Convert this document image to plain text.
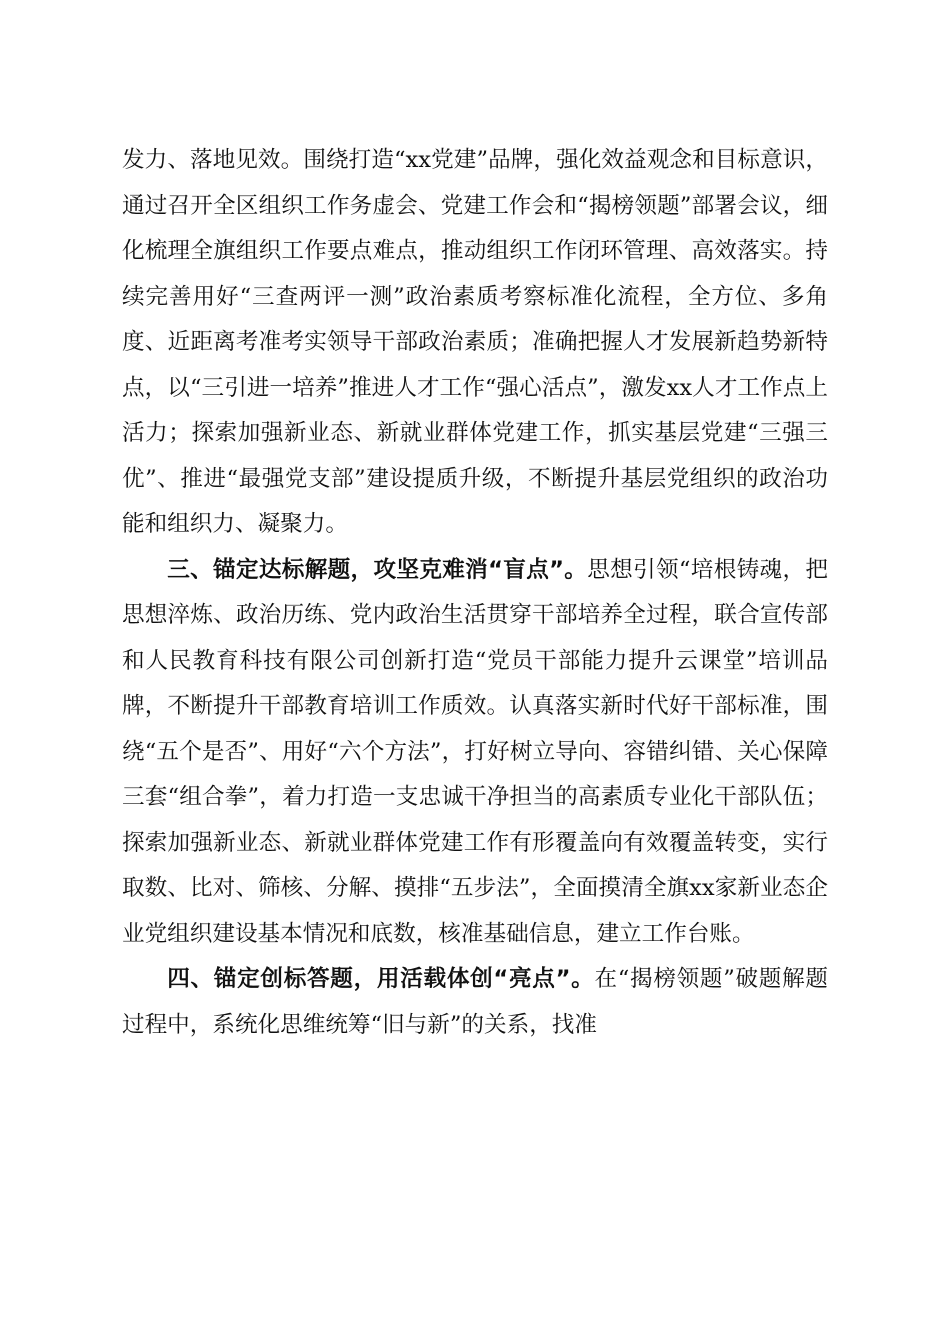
发力、落地见效。围绕打造“xx党建”品牌，强化效益观念和目标意识，通过召开全区组织工作务虚会、党建工作会和“揭榜领题”部署会议，细化梳理全旗组织工作要点难点，推动组织工作闭环管理、高效落实。持续完善用好“三查两评一测”政治素质考察标准化流程，全方位、多角度、近距离考准考实领导干部政治素质；准确把握人才发展新趋势新特点，以“三引进一培养”推进人才工作“强心活点”，激发xx人才工作点上活力；探索加强新业态、新就业群体党建工作，抓实基层党建“三强三优”、推进“最强党支部”建设提质升级，不断提升基层党组织的政治功能和组织力、凝聚力。

三、锚定达标解题，攻坚克难消“盲点”。思想引领“培根铸魂，把思想淬炼、政治历练、党内政治生活贯穿干部培养全过程，联合宣传部和人民教育科技有限公司创新打造“党员干部能力提升云课堂”培训品牌，不断提升干部教育培训工作质效。认真落实新时代好干部标准，围绕“五个是否”、用好“六个方法”，打好树立导向、容错纠错、关心保障三套“组合拳”，着力打造一支忠诚干净担当的高素质专业化干部队伍；探索加强新业态、新就业群体党建工作有形覆盖向有效覆盖转变，实行取数、比对、筛核、分解、摸排“五步法”，全面摸清全旗xx家新业态企业党组织建设基本情况和底数，核准基础信息，建立工作台账。

四、锚定创标答题，用活载体创“亮点”。在“揭榜领题”破题解题过程中，系统化思维统筹“旧与新”的关系，找准
